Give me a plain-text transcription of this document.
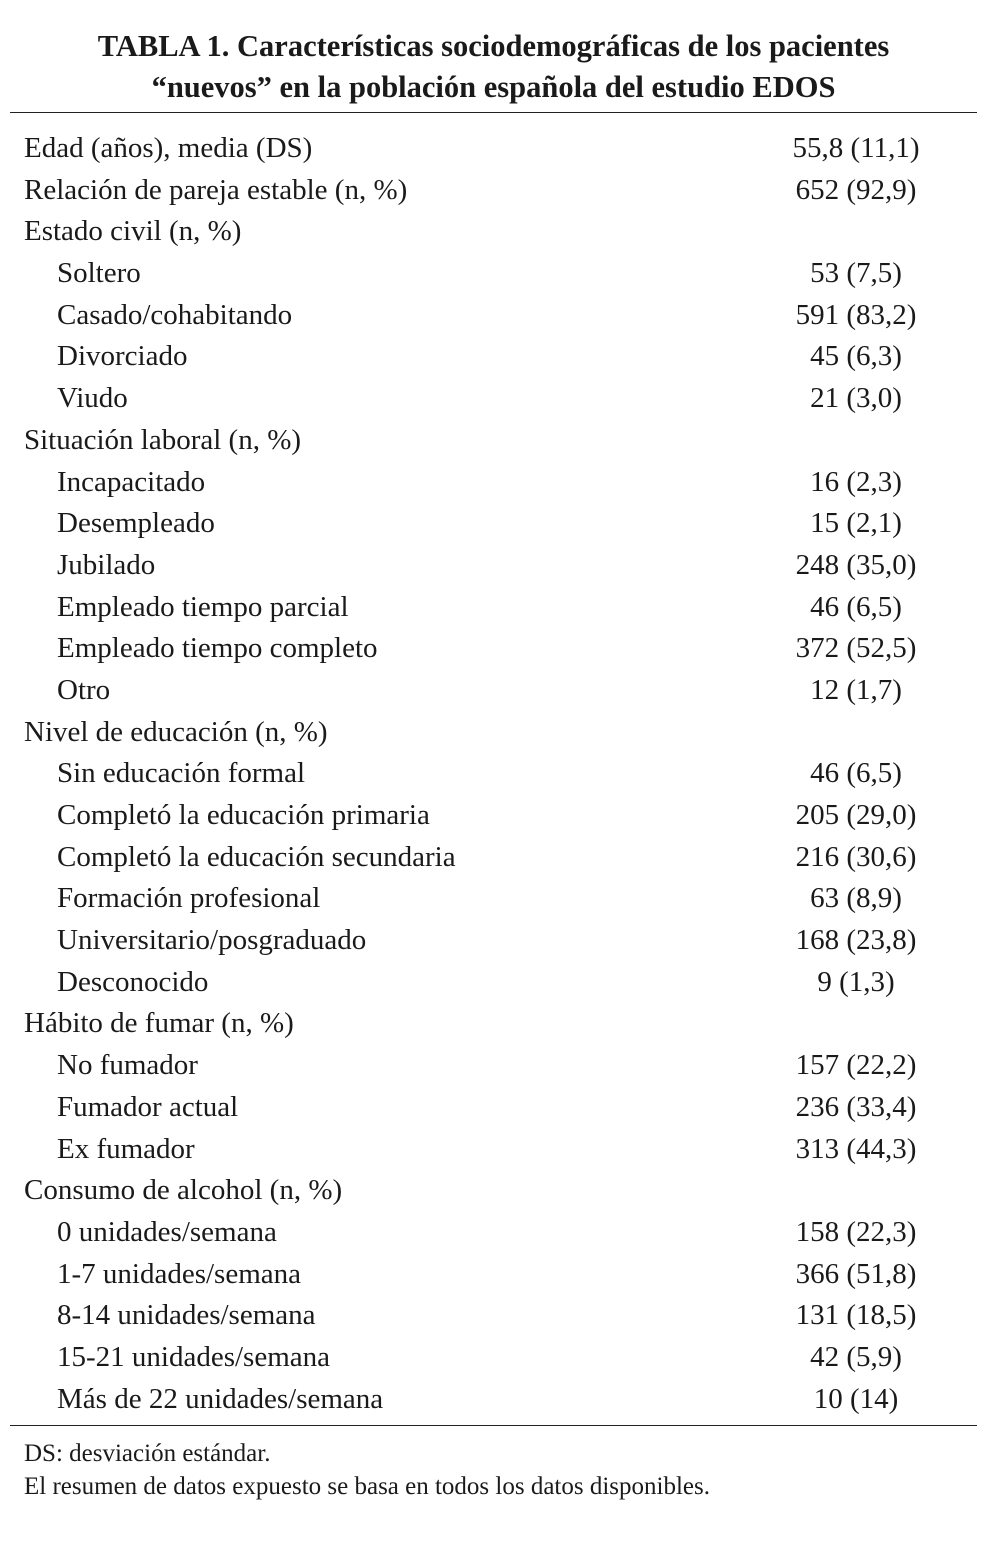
TABLA 1. Características sociodemográficas de los pacientes
“nuevos” en la población española del estudio EDOS
Edad (años), media (DS)	55,8 (11,1)
Relación de pareja estable (n, %)	652 (92,9)
Estado civil (n, %)
Soltero	53 (7,5)
Casado/cohabitando	591 (83,2)
Divorciado	45 (6,3)
Viudo	21 (3,0)
Situación laboral (n, %)
Incapacitado	16 (2,3)
Desempleado	15 (2,1)
Jubilado	248 (35,0)
Empleado tiempo parcial	46 (6,5)
Empleado tiempo completo	372 (52,5)
Otro	12 (1,7)
Nivel de educación (n, %)
Sin educación formal	46 (6,5)
Completó la educación primaria	205 (29,0)
Completó la educación secundaria	216 (30,6)
Formación profesional	63 (8,9)
Universitario/posgraduado	168 (23,8)
Desconocido	9 (1,3)
Hábito de fumar (n, %)
No fumador	157 (22,2)
Fumador actual	236 (33,4)
Ex fumador	313 (44,3)
Consumo de alcohol (n, %)
0 unidades/semana	158 (22,3)
1-7 unidades/semana	366 (51,8)
8-14 unidades/semana	131 (18,5)
15-21 unidades/semana	42 (5,9)
Más de 22 unidades/semana	10 (14)
DS: desviación estándar.
El resumen de datos expuesto se basa en todos los datos disponibles.
